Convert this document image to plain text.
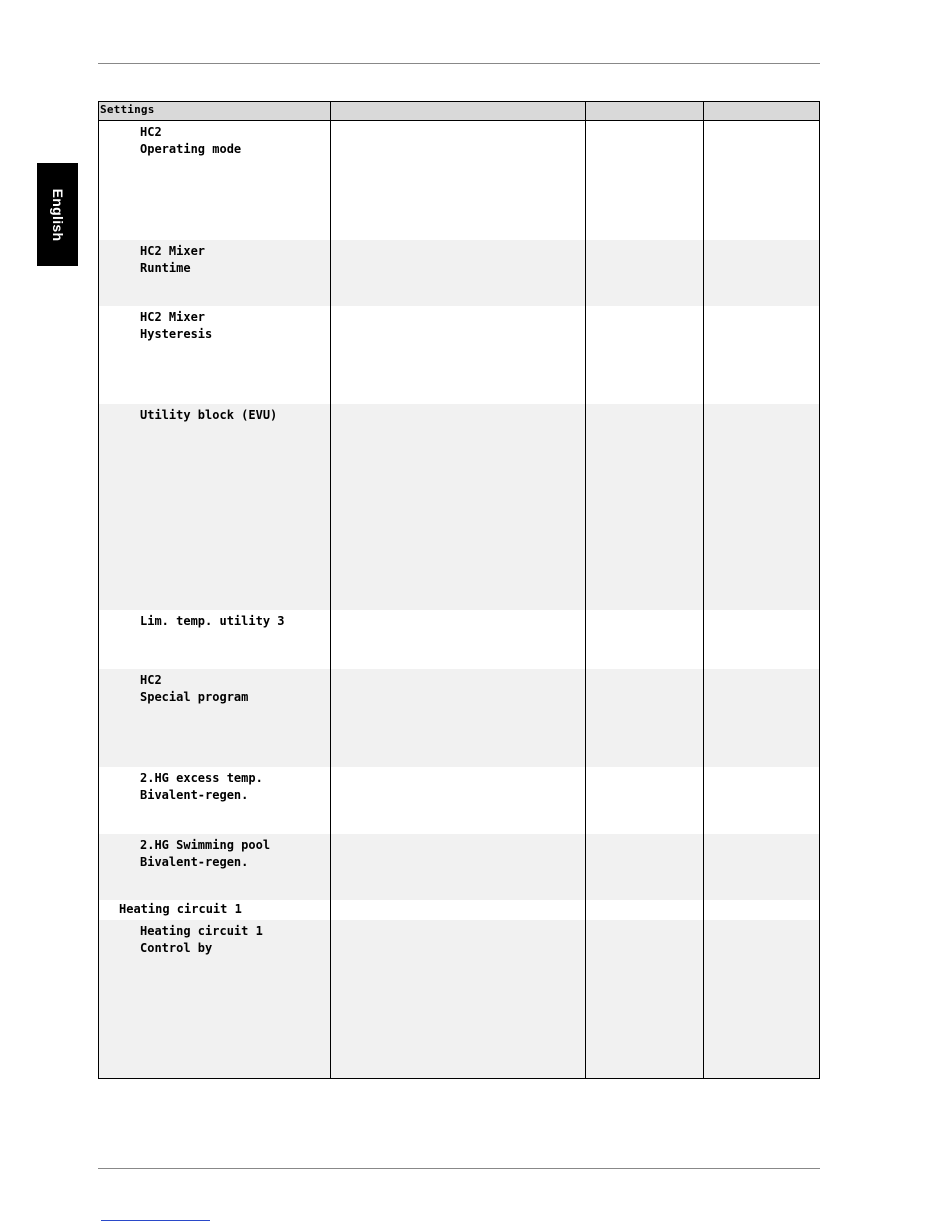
English
Settings
HC2
Operating mode
HC2 Mixer
Runtime
HC2 Mixer
Hysteresis
Utility block (EVU)
Lim. temp. utility 3
HC2
Special program
2.HG excess temp.
Bivalent-regen.
2.HG Swimming pool
Bivalent-regen.
Heating circuit 1
Heating circuit 1
Control by
